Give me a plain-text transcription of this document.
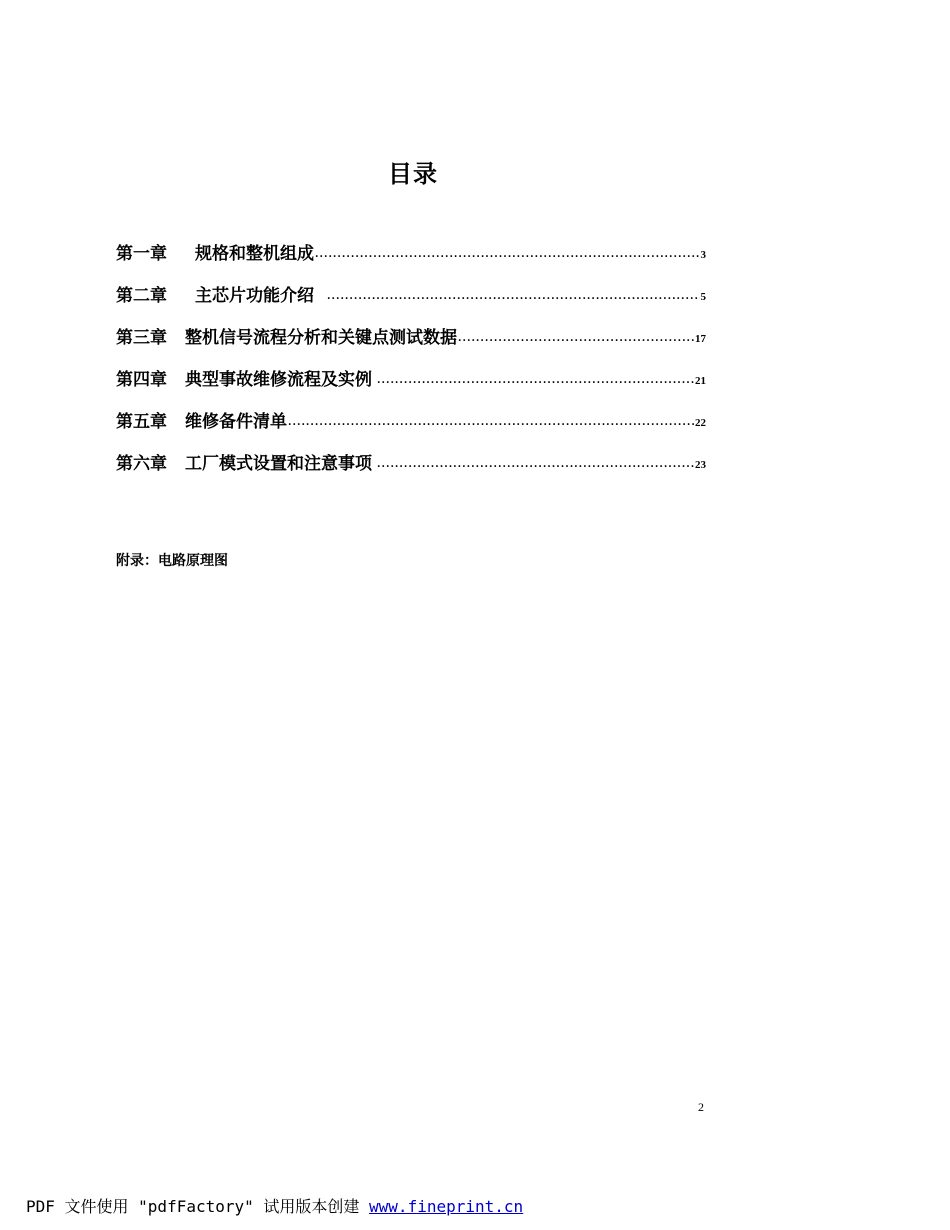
目录
第一章 规格和整机组成 .....	3
第二章 主芯片功能介绍 .....	5
第三章 整机信号流程分析和关键点测试数据 .....	17
第四章 典型事故维修流程及实例 .....	21
第五章 维修备件清单 .....	22
第六章 工厂模式设置和注意事项 .....	23
附录：电路原理图
2
PDF 文件使用 "pdfFactory" 试用版本创建 www.fineprint.cn
